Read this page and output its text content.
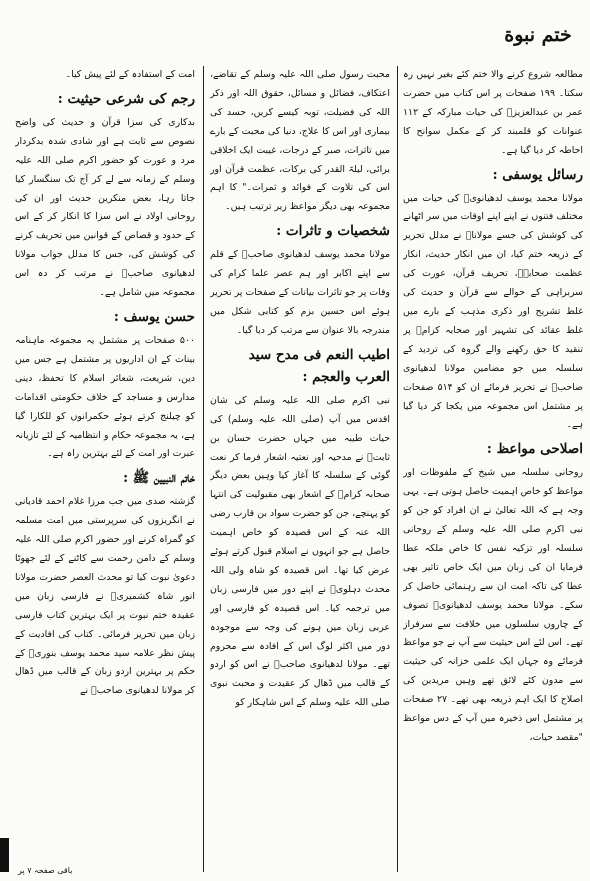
ختم نبوة

مطالعہ شروع کرنے والا ختم کئے بغیر نہیں رہ سکتا۔ ۱۹۹ صفحات پر اس کتاب میں حضرت عمر بن عبدالعزیزؒ کی حیات مبارکہ کے ۱۱۲ عنوانات کو قلمبند کر کے مکمل سوانح کا احاطہ کر دیا گیا ہے۔

رسائل یوسفی :

مولانا محمد یوسف لدھیانویؒ کی حیات میں مختلف فتنوں نے اپنے اپنے اوقات میں سر اٹھانے کی کوشش کی جسے مولاناؒ نے مدلل تحریر کے ذریعہ ختم کیا، ان میں انکار حدیث، انکار عظمت صحابہؓ، تحریف قرآن، عورت کی سربراہی کے حوالے سے قرآن و حدیث کی غلط تشریح اور ذکری مذہب کے بارے میں غلط عقائد کی تشہیر اور صحابہ کرامؓ پر تنقید کا حق رکھنے والے گروہ کی تردید کے سلسلہ میں جو مضامین مولانا لدھیانوی صاحبؒ نے تحریر فرمائے ان کو ۵۱۴ صفحات پر مشتمل اس مجموعہ میں یکجا کر دیا گیا ہے۔

اصلاحی مواعظ :

روحانی سلسلہ میں شیخ کے ملفوظات اور مواعظ کو خاص اہمیت حاصل ہوتی ہے۔ یہی وجہ ہے کہ اللہ تعالیٰ نے ان افراد کو جن کو نبی اکرم صلی اللہ علیہ وسلم کے روحانی سلسلہ اور تزکیہ نفس کا خاص ملکہ عطا فرمایا ان کی زبان میں ایک خاص تاثیر بھی عطا کی تاکہ امت ان سے رہنمائی حاصل کر سکے۔ مولانا محمد یوسف لدھیانویؒ تصوف کے چاروں سلسلوں میں خلافت سے سرفراز تھے۔ اس لئے اس حیثیت سے آپ نے جو مواعظ فرمائے وہ جہاں ایک علمی خزانہ کی حیثیت سے مدون کئے لائق تھے وہیں مریدین کی اصلاح کا ایک اہم ذریعہ بھی تھے۔ ۲۷ صفحات پر مشتمل اس ذخیرہ میں آپ کے دس مواعظ "مقصد حیات،

محبت رسول صلی اللہ علیہ وسلم کے تقاضے، اعتکاف، فضائل و مسائل، حقوق اللہ اور ذکر اللہ کی فضیلت، توبہ کیسے کریں، حسد کی بیماری اور اس کا علاج، دنیا کی محبت کے بارے میں تاثرات، صبر کے درجات، غیبت ایک اخلاقی برائی، لیلۃ القدر کی برکات، عظمت قرآن اور اس کی تلاوت کے فوائد و ثمرات۔" کا اہم مجموعہ بھی دیگر مواعظ زیر ترتیب ہیں۔

شخصیات و تاثرات :

مولانا محمد یوسف لدھیانوی صاحبؒ کے قلم سے اپنے اکابر اور ہم عصر علما کرام کی وفات پر جو تاثرات بیانات کے صفحات پر تحریر ہوئے اس حسین بزم کو کتابی شکل میں مندرجہ بالا عنوان سے مرتب کر دیا گیا۔

اطیب النعم فی مدح سید العرب والعجم :

نبی اکرم صلی اللہ علیہ وسلم کی شان اقدس میں آپ (صلی اللہ علیہ وسلم) کی حیات طیبہ میں جہاں حضرت حسان بن ثابتؓ نے مدحیہ اور نعتیہ اشعار فرما کر نعت گوئی کے سلسلہ کا آغاز کیا وہیں بعض دیگر صحابہ کرامؓ کے اشعار بھی مقبولیت کی انتہا کو پہنچے، جن کو حضرت سواد بن قارب رضی اللہ عنہ کے اس قصیدہ کو خاص اہمیت حاصل ہے جو انہوں نے اسلام قبول کرتے ہوئے عرض کیا تھا۔ اس قصیدہ کو شاہ ولی اللہ محدث دہلویؒ نے اپنے دور میں فارسی زبان میں ترجمہ کیا۔ اس قصیدہ کو فارسی اور عربی زبان میں ہونے کی وجہ سے موجودہ دور میں اکثر لوگ اس کے افادہ سے محروم تھے۔ مولانا لدھیانوی صاحبؒ نے اس کو اردو کے قالب میں ڈھال کر عقیدت و محبت نبوی صلی اللہ علیہ وسلم کے اس شاہکار کو

امت کے استفادہ کے لئے پیش کیا۔

رجم کی شرعی حیثیت :

بدکاری کی سزا قرآن و حدیث کی واضح نصوص سے ثابت ہے اور شادی شدہ بدکردار مرد و عورت کو حضور اکرم صلی اللہ علیہ وسلم کے زمانہ سے لے کر آج تک سنگسار کیا جاتا رہا، بعض منکرین حدیث اور ان کی روحانی اولاد نے اس سزا کا انکار کر کے اس کے حدود و قصاص کے قوانین میں تحریف کرنے کی کوشش کی، جس کا مدلل جواب مولانا لدھیانوی صاحبؒ نے مرتب کر دہ اس مجموعہ میں شامل ہے۔

حسن یوسف :

۵۰۰ صفحات پر مشتمل یہ مجموعہ ماہنامہ بینات کے ان اداریوں پر مشتمل ہے جس میں دین، شریعت، شعائر اسلام کا تحفظ، دینی مدارس و مساجد کے خلاف حکومتی اقدامات کو چیلنج کرتے ہوئے حکمرانوں کو للکارا گیا ہے، یہ مجموعہ حکام و انتظامیہ کے لئے تازیانہ عبرت اور امت کے لئے بہترین راہ ہے۔

خاتم النبیین ﷺ :

گزشتہ صدی میں جب مرزا غلام احمد قادیانی نے انگریزوں کی سرپرستی میں امت مسلمہ کو گمراہ کرنے اور حضور اکرم صلی اللہ علیہ وسلم کے دامن رحمت سے کاٹنے کے لئے جھوٹا دعویٰ نبوت کیا تو محدث العصر حضرت مولانا انور شاہ کشمیریؒ نے فارسی زبان میں عقیدہ ختم نبوت پر ایک بہترین کتاب فارسی زبان میں تحریر فرمائی۔ کتاب کی افادیت کے پیش نظر علامہ سید محمد یوسف بنوریؒ کے حکم پر بہترین اردو زبان کے قالب میں ڈھال کر مولانا لدھیانوی صاحبؒ نے

باقی صفحہ ۷ پر
